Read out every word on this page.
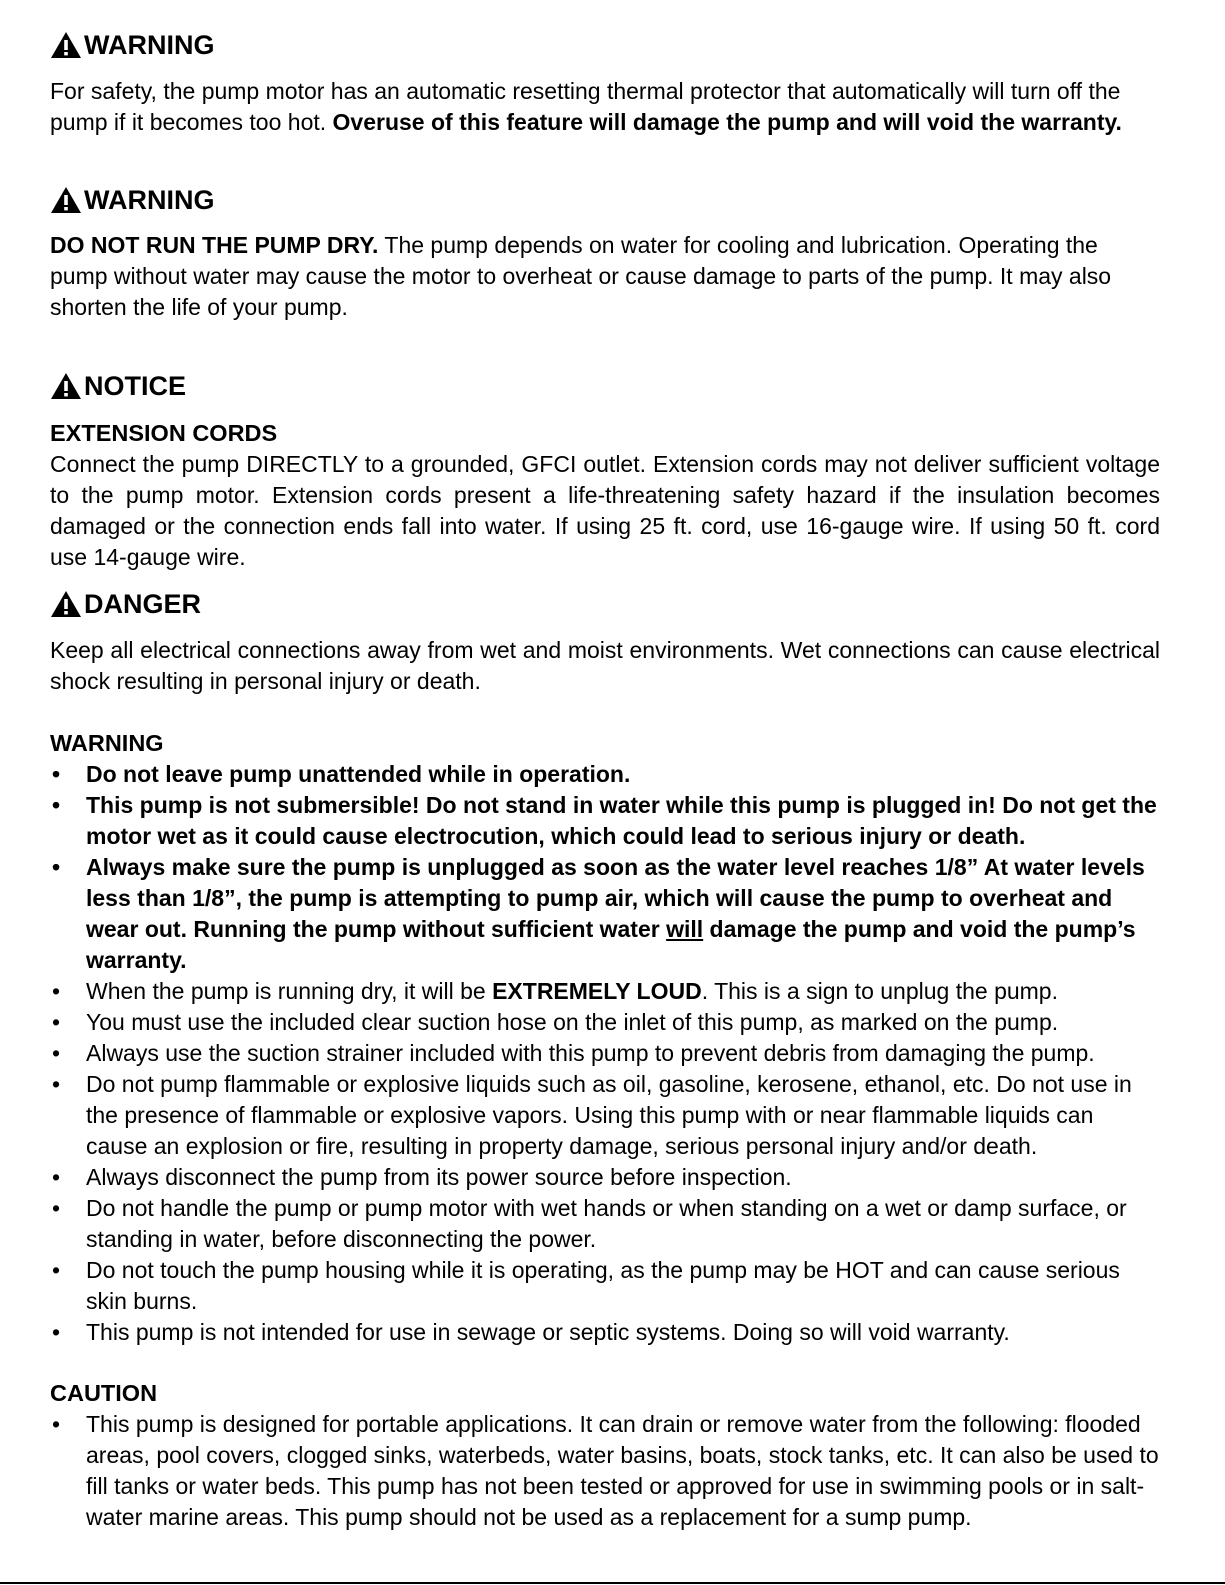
WARNING

For safety, the pump motor has an automatic resetting thermal protector that automatically will turn off the pump if it becomes too hot. Overuse of this feature will damage the pump and will void the warranty.

WARNING

DO NOT RUN THE PUMP DRY. The pump depends on water for cooling and lubrication. Operating the pump without water may cause the motor to overheat or cause damage to parts of the pump. It may also shorten the life of your pump.

NOTICE
EXTENSION CORDS

Connect the pump DIRECTLY to a grounded, GFCI outlet. Extension cords may not deliver sufficient voltage to the pump motor. Extension cords present a life-threatening safety hazard if the insulation becomes damaged or the connection ends fall into water. If using 25 ft. cord, use 16-gauge wire. If using 50 ft. cord use 14-gauge wire.

DANGER

Keep all electrical connections away from wet and moist environments. Wet connections can cause electrical shock resulting in personal injury or death.

WARNING
•	Do not leave pump unattended while in operation.
•	This pump is not submersible! Do not stand in water while this pump is plugged in! Do not get the motor wet as it could cause electrocution, which could lead to serious injury or death.
•	Always make sure the pump is unplugged as soon as the water level reaches 1/8” At water levels less than 1/8”, the pump is attempting to pump air, which will cause the pump to overheat and wear out. Running the pump without sufficient water will damage the pump and void the pump’s warranty.
•	When the pump is running dry, it will be EXTREMELY LOUD. This is a sign to unplug the pump.
•	You must use the included clear suction hose on the inlet of this pump, as marked on the pump.
•	Always use the suction strainer included with this pump to prevent debris from damaging the pump.
•	Do not pump flammable or explosive liquids such as oil, gasoline, kerosene, ethanol, etc. Do not use in the presence of flammable or explosive vapors. Using this pump with or near flammable liquids can cause an explosion or fire, resulting in property damage, serious personal injury and/or death.
•	Always disconnect the pump from its power source before inspection.
•	Do not handle the pump or pump motor with wet hands or when standing on a wet or damp surface, or standing in water, before disconnecting the power.
•	Do not touch the pump housing while it is operating, as the pump may be HOT and can cause serious skin burns.
•	This pump is not intended for use in sewage or septic systems. Doing so will void warranty.
CAUTION
•	This pump is designed for portable applications. It can drain or remove water from the following: flooded areas, pool covers, clogged sinks, waterbeds, water basins, boats, stock tanks, etc. It can also be used to fill tanks or water beds. This pump has not been tested or approved for use in swimming pools or in salt-water marine areas. This pump should not be used as a replacement for a sump pump.
